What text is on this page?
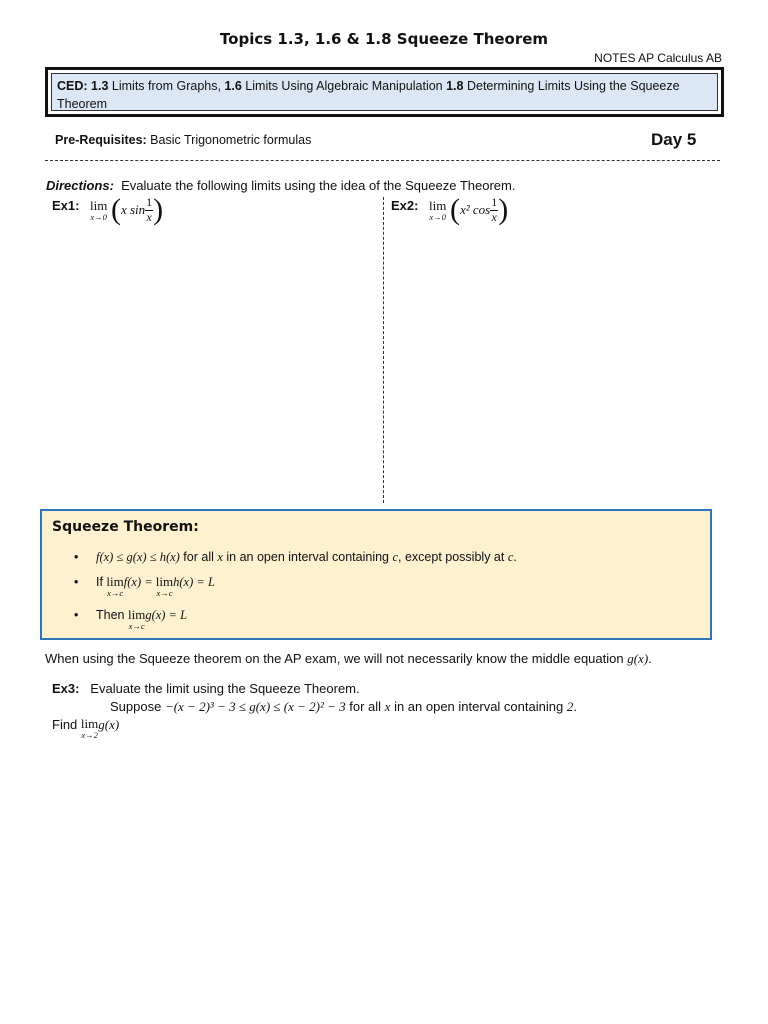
Topics 1.3, 1.6 & 1.8 Squeeze Theorem
NOTES AP Calculus AB
CED: 1.3 Limits from Graphs, 1.6 Limits Using Algebraic Manipulation 1.8 Determining Limits Using the Squeeze Theorem
Pre-Requisites: Basic Trigonometric formulas	Day 5
Directions:  Evaluate the following limits using the idea of the Squeeze Theorem.
Ex1: lim
x→0 (x $\sin \frac{1}{x}$ )	Ex2: lim
x→0 (x² $\cos \frac{1}{x}$ )
Squeeze Theorem:
• f(x) ≤ g(x) ≤ h(x) for all x in an open interval containing c, except possibly at c.
• If lim
x→c
f(x) = lim
x→c
h(x) = L
• Then lim
x→c
g(x) = L
When using the Squeeze theorem on the AP exam, we will not necessarily know the middle equation g(x).
Ex3:   Evaluate the limit using the Squeeze Theorem.
Suppose −(x − 2)³ − 3 ≤ g(x) ≤ (x − 2)² − 3 for all x in an open interval containing 2.
Find lim
x→2
g(x)
